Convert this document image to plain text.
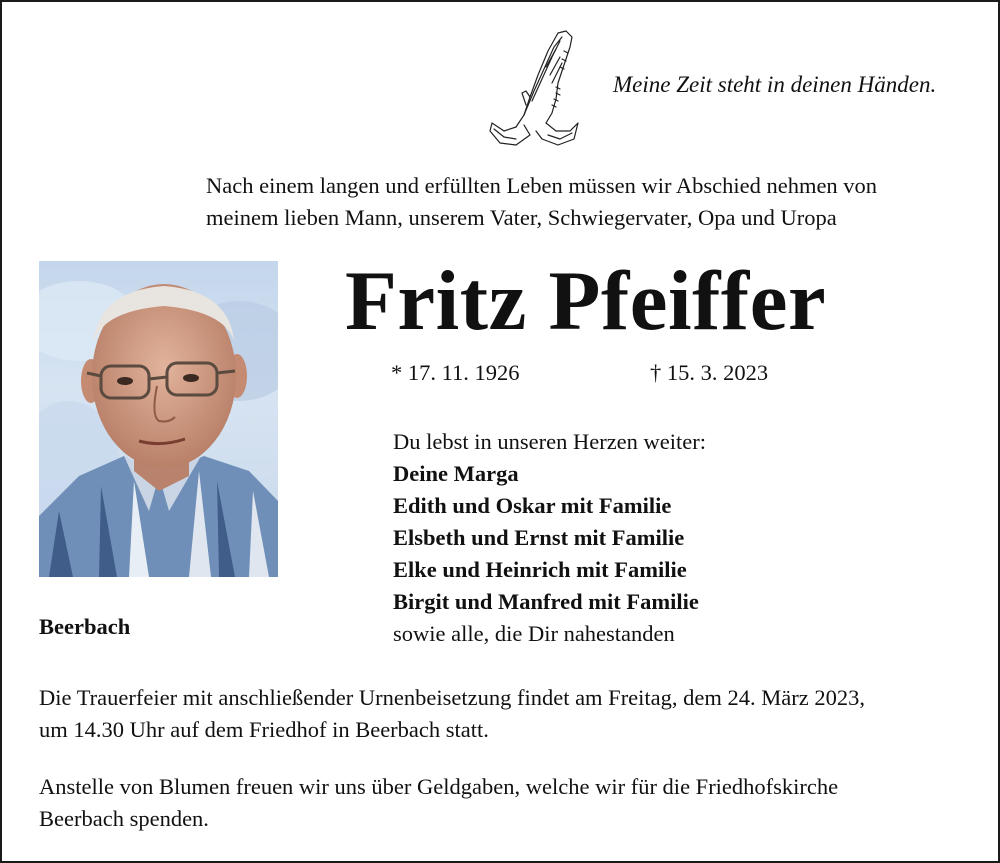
Meine Zeit steht in deinen Händen.
Nach einem langen und erfüllten Leben müssen wir Abschied nehmen von
meinem lieben Mann, unserem Vater, Schwiegervater, Opa und Uropa
Fritz Pfeiffer
* 17. 11. 1926	† 15. 3. 2023
Du lebst in unseren Herzen weiter:
Deine Marga
Edith und Oskar mit Familie
Elsbeth und Ernst mit Familie
Elke und Heinrich mit Familie
Birgit und Manfred mit Familie
sowie alle, die Dir nahestanden
Beerbach
Die Trauerfeier mit anschließender Urnenbeisetzung findet am Freitag, dem 24. März 2023,
um 14.30 Uhr auf dem Friedhof in Beerbach statt.
Anstelle von Blumen freuen wir uns über Geldgaben, welche wir für die Friedhofskirche
Beerbach spenden.
